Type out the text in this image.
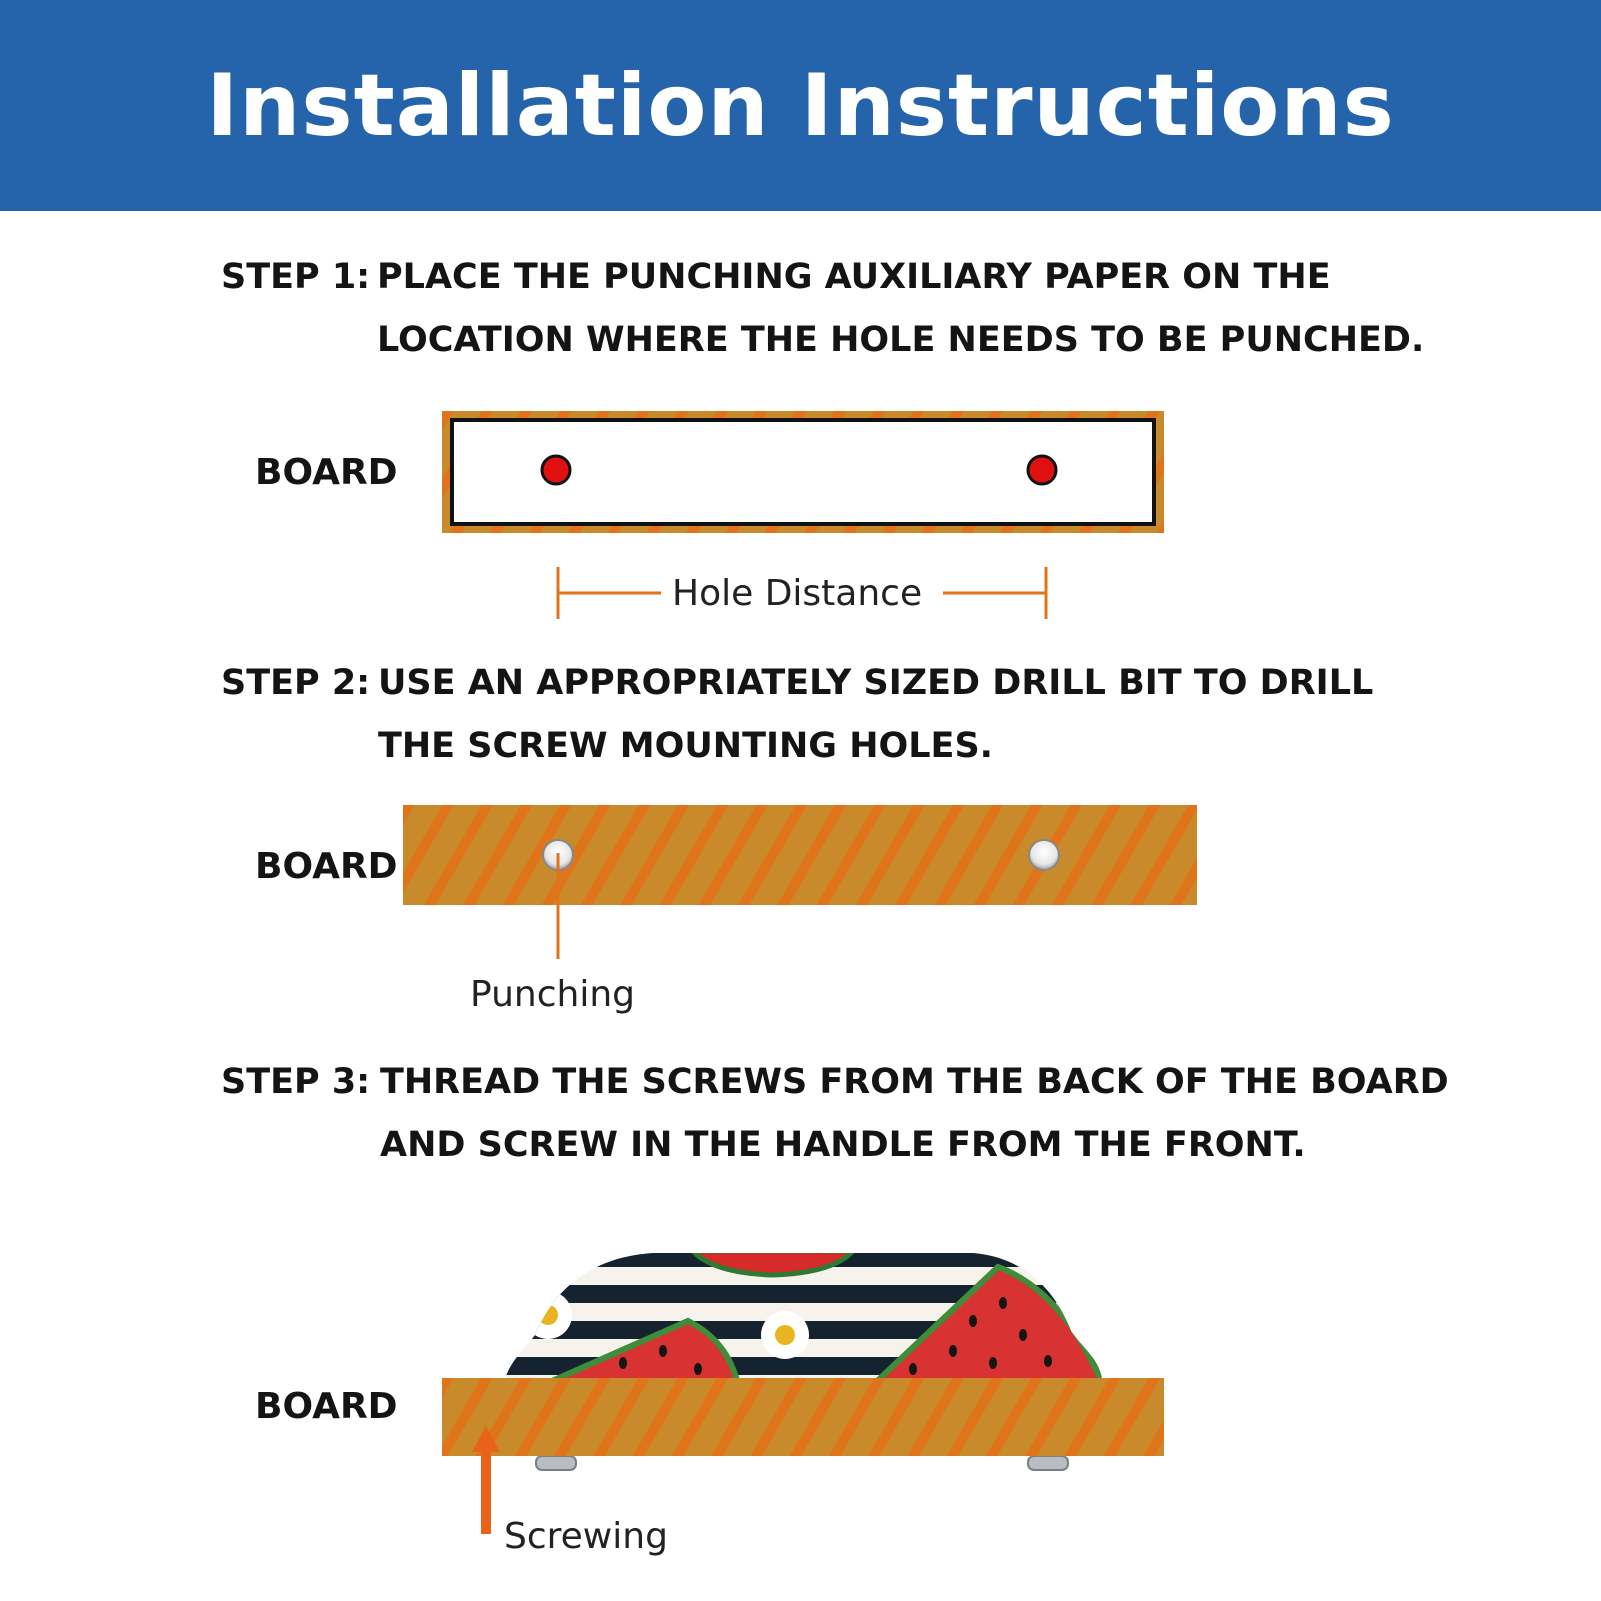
Installation Instructions
STEP 1: PLACE THE PUNCHING AUXILIARY PAPER ON THE
LOCATION WHERE THE HOLE NEEDS TO BE PUNCHED.
BOARD
Hole Distance
STEP 2: USE AN APPROPRIATELY SIZED DRILL BIT TO DRILL
THE SCREW MOUNTING HOLES.
BOARD
Punching
STEP 3: THREAD THE SCREWS FROM THE BACK OF THE BOARD
AND SCREW IN THE HANDLE FROM THE FRONT.
BOARD
Screwing
